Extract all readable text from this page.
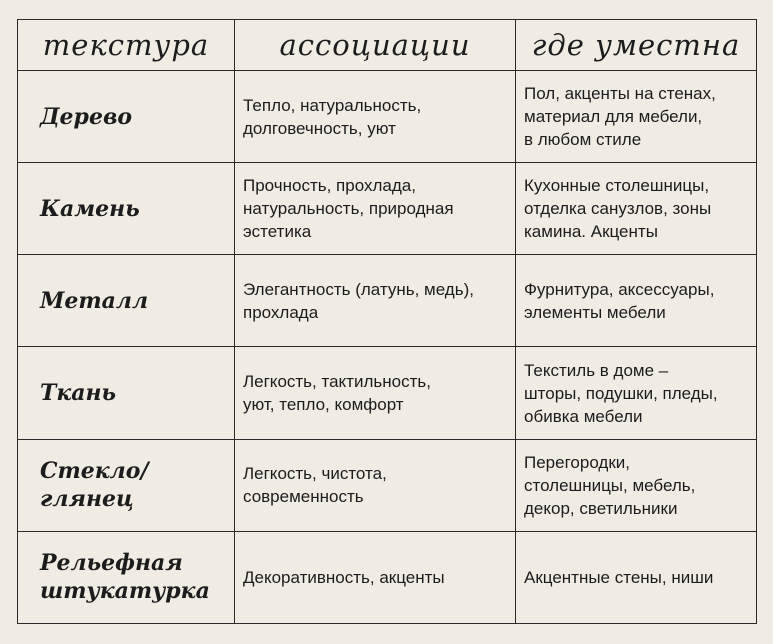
текстура	ассоциации	где уместна

Дерево	Тепло, натуральность,
долговечность, уют	Пол, акценты на стенах,
материал для мебели,
в любом стиле

Камень	Прочность, прохлада,
натуральность, природная
эстетика	Кухонные столешницы,
отделка санузлов, зоны
камина. Акценты

Металл	Элегантность (латунь, медь),
прохлада	Фурнитура, аксессуары,
элементы мебели

Ткань	Легкость, тактильность,
уют, тепло, комфорт	Текстиль в доме –
шторы, подушки, пледы,
обивка мебели

Стекло/
глянец	Легкость, чистота,
современность	Перегородки,
столешницы, мебель,
декор, светильники

Рельефная
штукатурка	Декоративность, акценты	Акцентные стены, ниши
